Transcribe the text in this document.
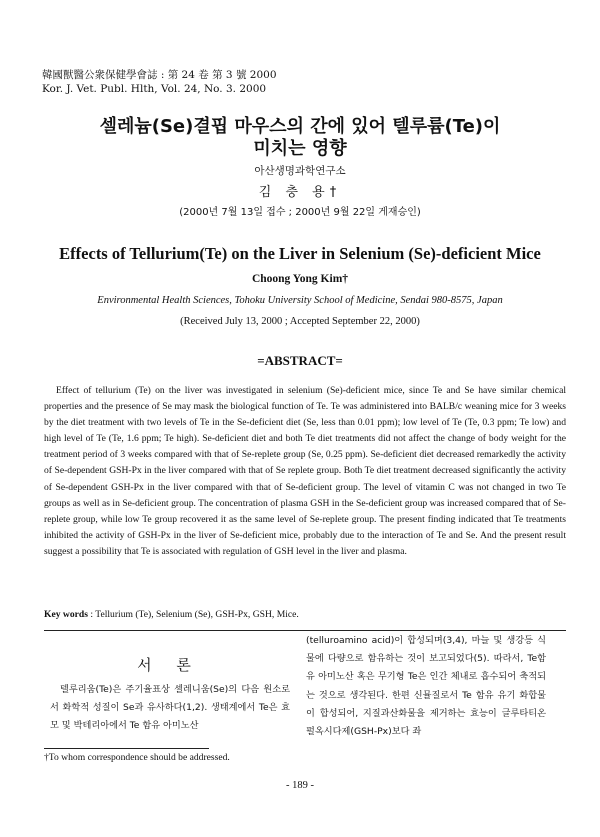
韓國獸醫公衆保健學會誌 : 第 24 卷 第 3 號 2000
Kor. J. Vet. Publ. Hlth, Vol. 24, No. 3. 2000
셀레늄(Se)결핍 마우스의 간에 있어 텔루륨(Te)이
미치는 영향
아산생명과학연구소
김 충 용†
(2000년 7월 13일 접수 ; 2000년 9월 22일 게재승인)
Effects of Tellurium(Te) on the Liver in Selenium (Se)-deficient Mice
Choong Yong Kim†
Environmental Health Sciences, Tohoku University School of Medicine, Sendai 980-8575, Japan
(Received July 13, 2000 ; Accepted September 22, 2000)
=ABSTRACT=
Effect of tellurium (Te) on the liver was investigated in selenium (Se)-deficient mice, since Te and Se have similar chemical properties and the presence of Se may mask the biological function of Te. Te was administered into BALB/c weaning mice for 3 weeks by the diet treatment with two levels of Te in the Se-deficient diet (Se, less than 0.01 ppm); low level of Te (Te, 0.3 ppm; Te low) and high level of Te (Te, 1.6 ppm; Te high). Se-deficient diet and both Te diet treatments did not affect the change of body weight for the treatment period of 3 weeks compared with that of Se-replete group (Se, 0.25 ppm). Se-deficient diet decreased remarkedly the activity of Se-dependent GSH-Px in the liver compared with that of Se replete group. Both Te diet treatment decreased significantly the activity of Se-dependent GSH-Px in the liver compared with that of Se-deficient group. The level of vitamin C was not changed in two Te groups as well as in Se-deficient group. The concentration of plasma GSH in the Se-deficient group was increased compared that of Se-replete group, while low Te group recovered it as the same level of Se-replete group. The present finding indicated that Te treatments inhibited the activity of GSH-Px in the liver of Se-deficient mice, probably due to the interaction of Te and Se. And the present result suggest a possibility that Te is associated with regulation of GSH level in the liver and plasma.
Key words : Tellurium (Te), Selenium (Se), GSH-Px, GSH, Mice.
서 론
텔루리움(Te)은 주기율표상 셀레니움(Se)의 다음 원소로서 화학적 성질이 Se과 유사하다(1,2). 생태계에서 Te은 효모 및 박테리아에서 Te 함유 아미노산
(telluroamino acid)이 합성되며(3,4), 마늘 및 생강등 식물에 다량으로 함유하는 것이 보고되었다(5). 따라서, Te함유 아미노산 혹은 무기형 Te은 인간 체내로 흡수되어 축적되는 것으로 생각된다. 한편 신뮬질로서 Te 함유 유기 화합물이 합성되어, 지질과산화물을 제거하는 효능이 글루타티온 펄옥시다제(GSH-Px)보다 좌
†To whom correspondence should be addressed.
- 189 -
